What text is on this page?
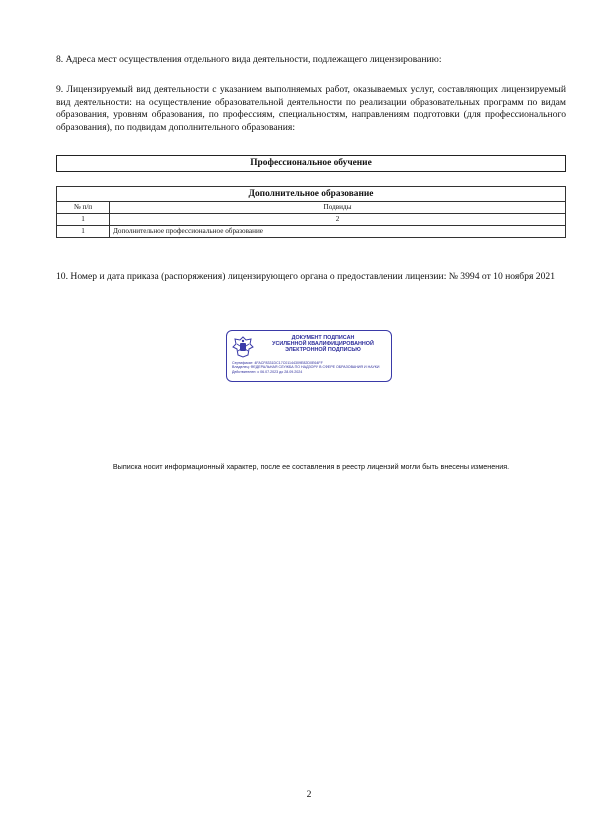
8. Адреса мест осуществления отдельного вида деятельности, подлежащего лицензированию:
9. Лицензируемый вид деятельности с указанием выполняемых работ, оказываемых услуг, составляющих лицензируемый вид деятельности: на осуществление образовательной деятельности по реализации образовательных программ по видам образования, уровням образования, по профессиям, специальностям, направлениям подготовки (для профессионального образования), по подвидам дополнительного образования:
Профессиональное обучение
Дополнительное образование	
№ п/п	Подвиды
1	2
1	Дополнительное профессиональное образование
10. Номер и дата приказа (распоряжения) лицензирующего органа о предоставлении лицензии: № 3994 от 10 ноября 2021
ДОКУМЕНТ ПОДПИСАН
УСИЛЕННОЙ КВАЛИФИЦИРОВАННОЙ
ЭЛЕКТРОННОЙ ПОДПИСЬЮ
Сертификат: 4FACF8331DC17C01144309E82D0E64FF
Владелец: ФЕДЕРАЛЬНАЯ СЛУЖБА ПО НАДЗОРУ В СФЕРЕ ОБРАЗОВАНИЯ И НАУКИ
Действителен: с 06.07.2023 до 28.09.2024
Выписка носит информационный характер, после ее составления в реестр лицензий могли быть внесены изменения.
2
